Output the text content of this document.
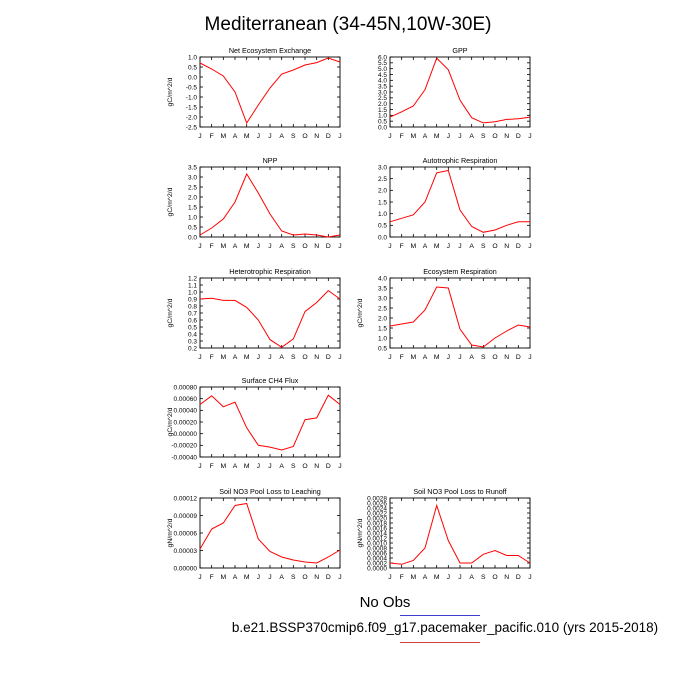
Mediterranean (34-45N,10W-30E)
Net Ecosystem Exchange
-2.5
-2.0
-1.5
-1.0
-0.5
0.0
0.5
1.0
J F M A M J J A S O N D J
gC/m^2/d
GPP
0.0
0.5
1.0
1.5
2.0
2.5
3.0
3.5
4.0
4.5
5.0
5.5
6.0
J F M A M J J A S O N D J
NPP
0.0
0.5
1.0
1.5
2.0
2.5
3.0
3.5
J F M A M J J A S O N D J
gC/m^2/d
Autotrophic Respiration
0.0
0.5
1.0
1.5
2.0
2.5
3.0
J F M A M J J A S O N D J
Heterotrophic Respiration
0.2
0.3
0.4
0.5
0.6
0.7
0.8
0.9
1.0
1.1
1.2
J F M A M J J A S O N D J
gC/m^2/d
Ecosystem Respiration
0.5
1.0
1.5
2.0
2.5
3.0
3.5
4.0
J F M A M J J A S O N D J
gC/m^2/d
Surface CH4 Flux
-0.00040
-0.00020
0.00000
0.00020
0.00040
0.00060
0.00080
J F M A M J J A S O N D J
gC/m^2/d
Soil NO3 Pool Loss to Leaching
0.00000
0.00003
0.00006
0.00009
0.00012
J F M A M J J A S O N D J
gN/m^2/d
Soil NO3 Pool Loss to Runoff
0.0000
0.0002
0.0004
0.0006
0.0008
0.0010
0.0012
0.0014
0.0016
0.0018
0.0020
0.0022
0.0024
0.0026
0.0028
J F M A M J J A S O N D J
gN/m^2/d
No Obs
b.e21.BSSP370cmip6.f09_g17.pacemaker_pacific.010 (yrs 2015-2018)
